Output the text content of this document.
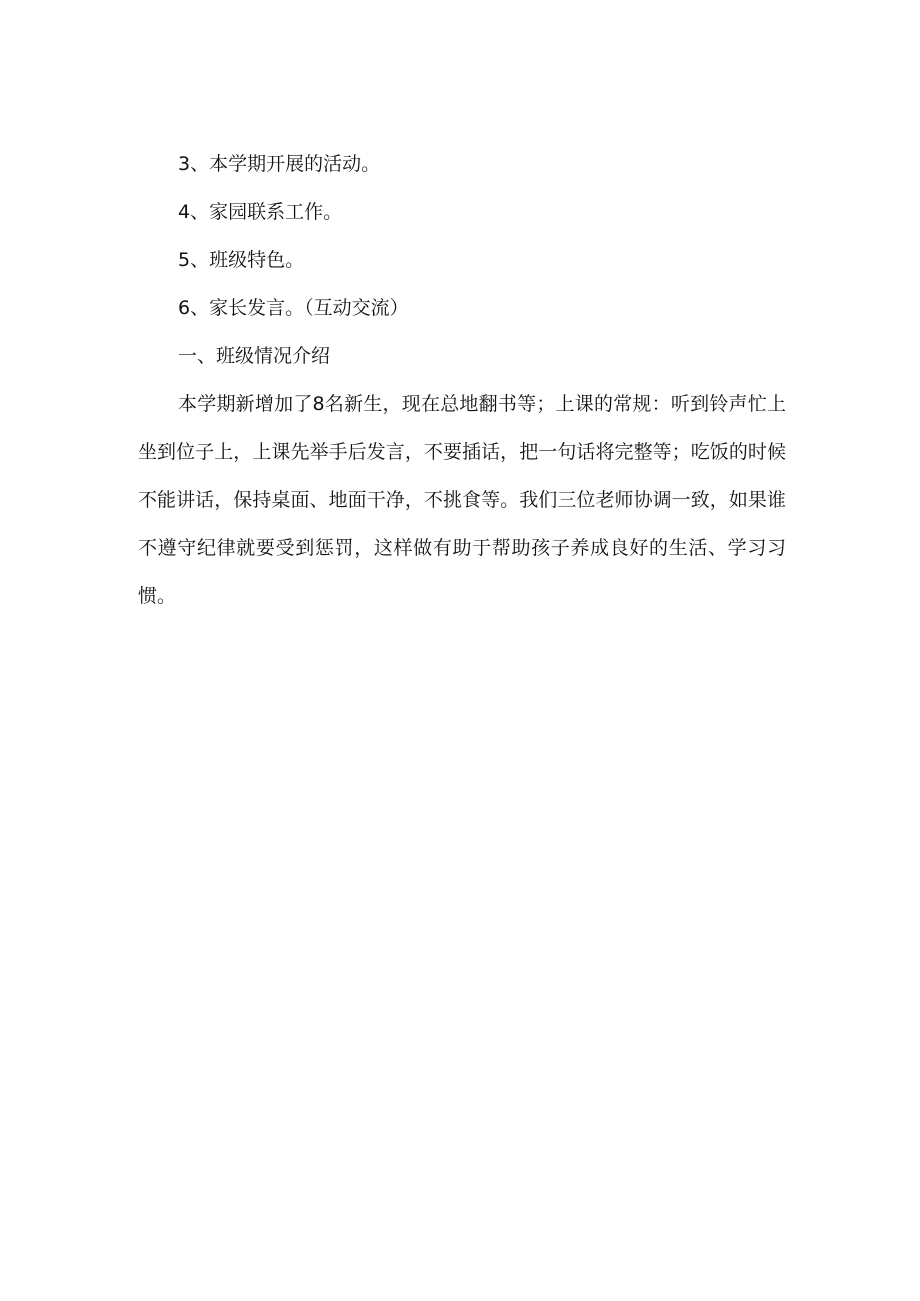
3、本学期开展的活动。

4、家园联系工作。

5、班级特色。

6、家长发言。（互动交流）

一、班级情况介绍

本学期新增加了8名新生，现在总地翻书等；上课的常规：听到铃声忙上坐到位子上，上课先举手后发言，不要插话，把一句话将完整等；吃饭的时候不能讲话，保持桌面、地面干净，不挑食等。我们三位老师协调一致，如果谁不遵守纪律就要受到惩罚，这样做有助于帮助孩子养成良好的生活、学习习惯。
